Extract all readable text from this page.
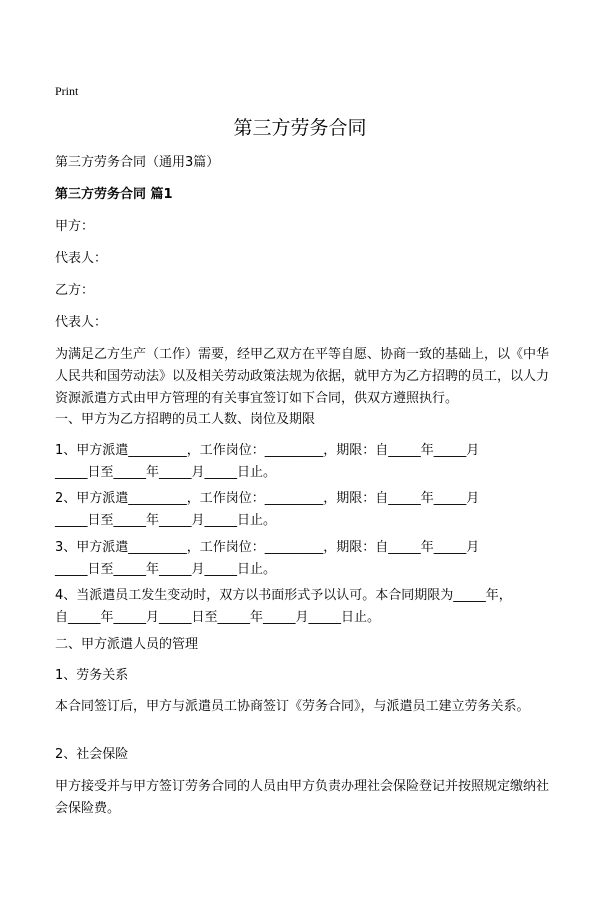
Print
第三方劳务合同
第三方劳务合同（通用3篇）
第三方劳务合同 篇1
甲方：
代表人：
乙方：
代表人：
为满足乙方生产（工作）需要，经甲乙双方在平等自愿、协商一致的基础上，以《中华人民共和国劳动法》以及相关劳动政策法规为依据，就甲方为乙方招聘的员工，以人力资源派遣方式由甲方管理的有关事宜签订如下合同，供双方遵照执行。
一、甲方为乙方招聘的员工人数、岗位及期限
1、甲方派遣_________，工作岗位：_________，期限：自_____年_____月
_____日至_____年_____月_____日止。
2、甲方派遣_________，工作岗位：_________，期限：自_____年_____月
_____日至_____年_____月_____日止。
3、甲方派遣_________，工作岗位：_________，期限：自_____年_____月
_____日至_____年_____月_____日止。
4、当派遣员工发生变动时，双方以书面形式予以认可。本合同期限为_____年，
自_____年_____月_____日至_____年_____月_____日止。
二、甲方派遣人员的管理
1、劳务关系
本合同签订后，甲方与派遣员工协商签订《劳务合同》，与派遣员工建立劳务关系。
2、社会保险
甲方接受并与甲方签订劳务合同的人员由甲方负责办理社会保险登记并按照规定缴纳社会保险费。
